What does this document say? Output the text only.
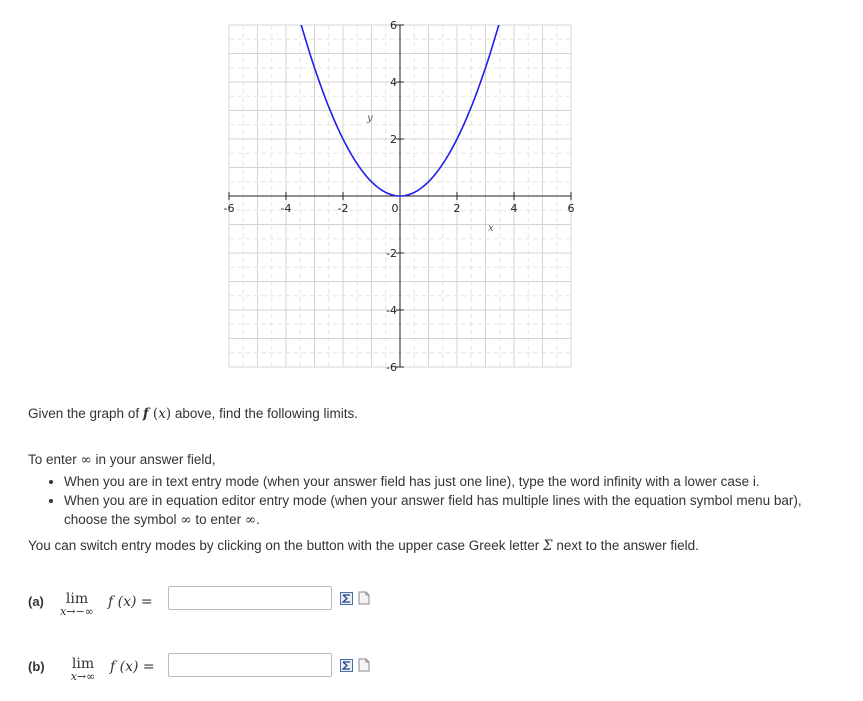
-6	-4	-2	0	2	4	6
6
4
2
-2
-4
-6
y
x
Given the graph of f (x) above, find the following limits.
To enter ∞ in your answer field,
• When you are in text entry mode (when your answer field has just one line), type the word infinity with a lower case i.
• When you are in equation editor entry mode (when your answer field has multiple lines with the equation symbol menu bar), choose the symbol ∞ to enter ∞.
You can switch entry modes by clicking on the button with the upper case Greek letter Σ next to the answer field.
(a)	lim
x→−∞
f (x) =
(b)	lim
x→∞
f (x) =
